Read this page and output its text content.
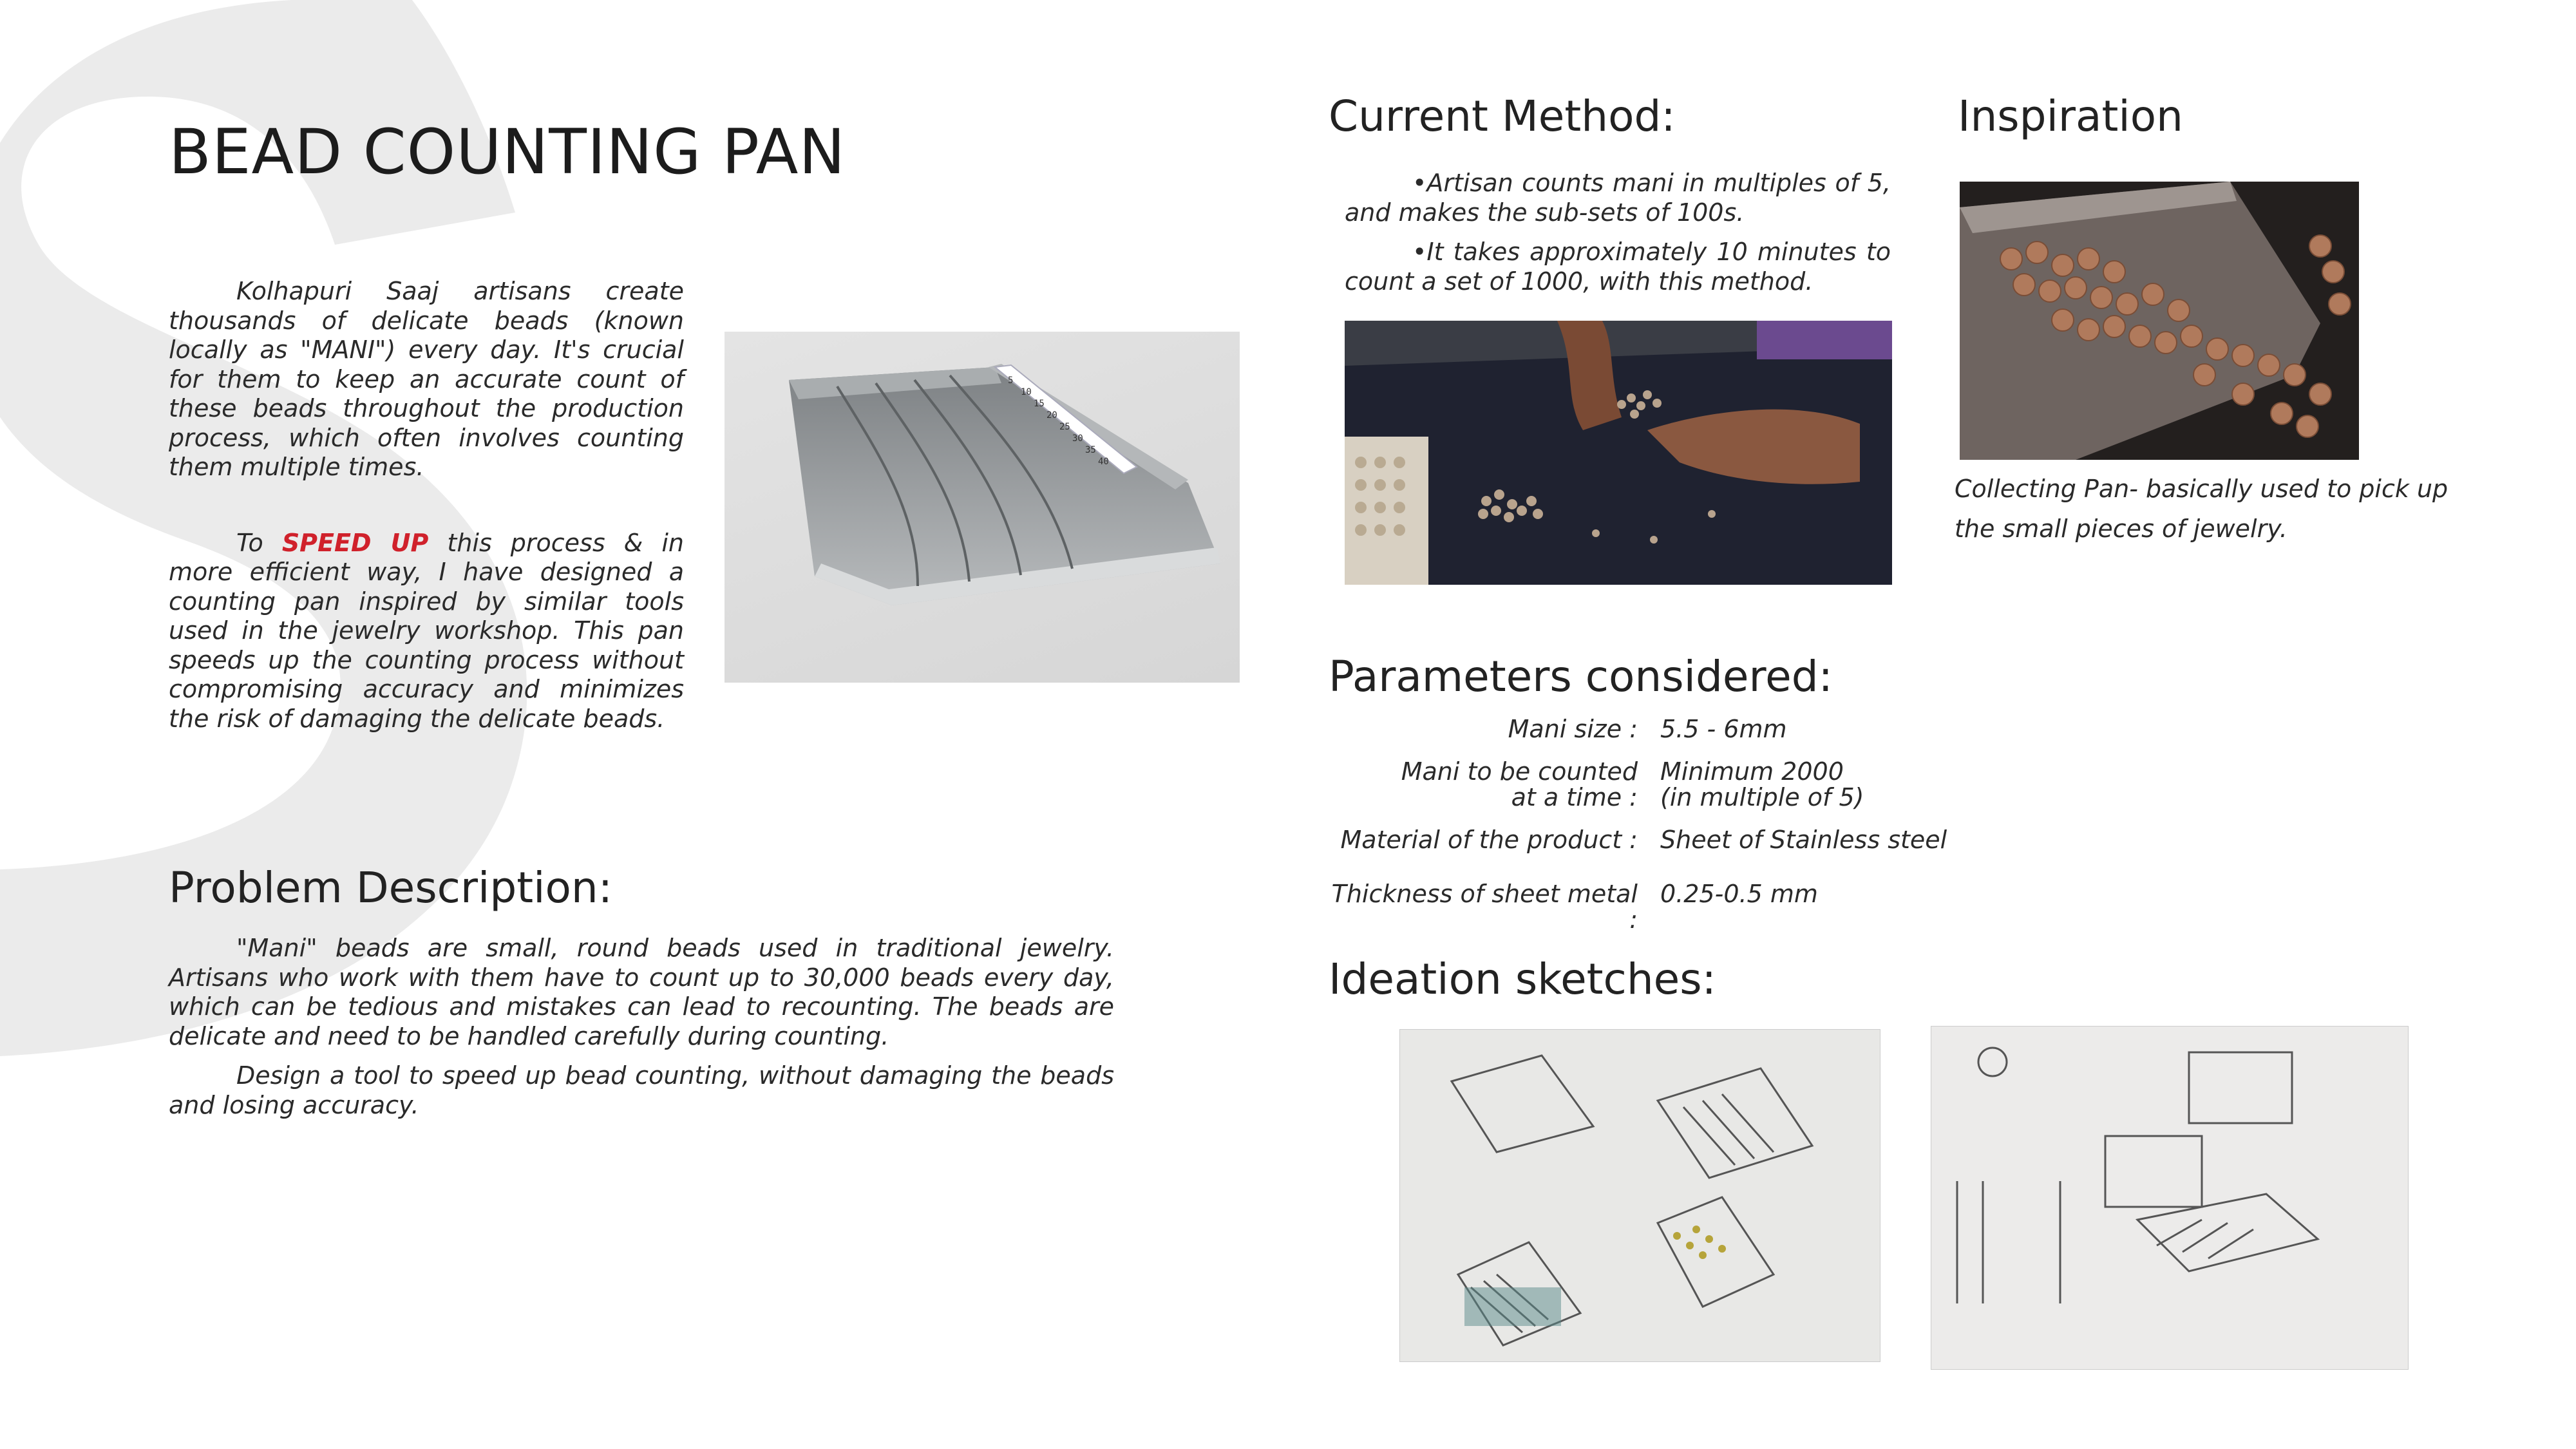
BEAD COUNTING PAN

Kolhapuri Saaj artisans create thousands of delicate beads (known locally as "MANI") every day. It's crucial for them to keep an accurate count of these beads throughout the production process, which often involves counting them multiple times.

To SPEED UP this process & in more efficient way, I have designed a counting pan inspired by similar tools used in the jewelry workshop. This pan speeds up the counting process without compromising accuracy and minimizes the risk of damaging the delicate beads.

5
10
15
20
25
30
35
40
Problem Description:

"Mani" beads are small, round beads used in traditional jewelry. Artisans who work with them have to count up to 30,000 beads every day, which can be tedious and mistakes can lead to recounting. The beads are delicate and need to be handled carefully during counting.

Design a tool to speed up bead counting, without damaging the beads and losing accuracy.

Current Method:

•Artisan counts mani in multiples of 5, and makes the sub-sets of 100s.

•It takes approximately 10 minutes to count a set of 1000, with this method.

Inspiration
Collecting Pan- basically used to pick up the small pieces of jewelry.
Parameters considered:
Mani size : 5.5 - 6mm
Mani to be counted
at a time :
Minimum 2000
(in multiple of 5)
Material of the product : Sheet of Stainless steel
Thickness of sheet metal :
0.25-0.5 mm
Ideation sketches:
